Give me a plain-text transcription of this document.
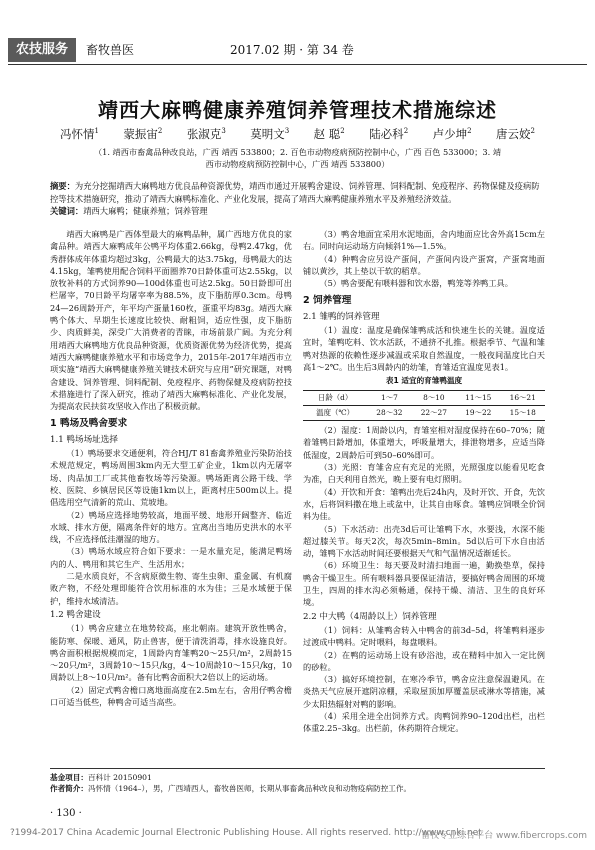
农技服务	畜牧兽医	2017.02 期 · 第 34 卷
靖西大麻鸭健康养殖饲养管理技术措施综述
冯怀情$^1$ 蒙振宙$^2$ 张淑克$^3$ 莫明文$^3$ 赵 聪$^2$ 陆必科$^2$ 卢少坤$^2$ 唐云姣$^2$
（1. 靖西市畜禽品种改良站，广西 靖西 533800；2. 百色市动物疫病预防控制中心，广西 百色 533000；3. 靖西市动物疫病预防控制中心，广西 靖西 533800）
摘要：为充分挖掘靖西大麻鸭地方优良品种资源优势，靖西市通过开展鸭舍建设、饲养管理、饲料配制、免疫程序、药物保健及疫病防控等技术措施研究，推动了靖西大麻鸭标准化、产业化发展，提高了靖西大麻鸭健康养殖水平及养殖经济效益。
关键词：靖西大麻鸭；健康养殖；饲养管理

靖西大麻鸭是广西体型最大的麻鸭品种，属广西地方优良的家禽品种。靖西大麻鸭成年公鸭平均体重2.66kg，母鸭2.47kg，优秀群体成年体重均超过3kg，公鸭最大的达3.75kg，母鸭最大的达4.15kg，雏鸭使用配合饲料平面圈养70日龄体重可达2.55kg，以放牧补料的方式饲养90—100d体重也可达2.5kg。50日龄即可出栏屠宰，70日龄平均屠宰率为88.5%，皮下脂肪厚0.3cm。母鸭24—26周龄开产，年平均产蛋量160枚，蛋重平均83g。靖西大麻鸭个体大、早期生长速度比较快、耐粗饲，适应性强，皮下脂肪少、肉质鲜美，深受广大消费者的青睐，市场前景广阔。为充分利用靖西大麻鸭地方优良品种资源，优质资源优势为经济优势，提高靖西大麻鸭健康养殖水平和市场竞争力，2015年-2017年靖西市立项实施“靖西大麻鸭健康养殖关键技术研究与应用”研究课题，对鸭舍建设、饲养管理、饲料配制、免疫程序、药物保健及疫病防控技术措施进行了深入研究，推动了靖西大麻鸭标准化、产业化发展，为提高农民扶贫攻坚收入作出了积极贡献。

1 鸭场及鸭舍要求
1.1 鸭场场址选择

（1）鸭场要求交通便利，符合HJ/T 81畜禽养殖业污染防治技术规范规定，鸭场周围3km内无大型工矿企业，1km以内无屠宰场、肉品加工厂或其他畜牧场等污染源。鸭场距离公路干线、学校、医院、乡镇居民区等设施1km以上，距离村庄500m以上。提倡选用空气清新的荒山、荒坡地。

（2）鸭场应选择地势较高，地面平缓、地形开阔整齐、临近水域、排水方便，隔离条件好的地方。宜离出当地历史洪水的水平线，不应选择低洼潮湿的地方。

（3）鸭场水域应符合如下要求：一是水量充足，能满足鸭场内的人、鸭用和其它生产、生活用水；

二是水质良好，不含病原微生物、寄生虫卵、重金属、有机腐败产物，不经处理即能符合饮用标准的水为佳；三是水域便于保护，维持水域清洁。

1.2 鸭舍建设

（1）鸭舍应建立在地势较高，座北朝南。建筑开放性鸭舍，能防寒、保暖、通风，防止兽害，便于清洗消毒，排水设施良好。鸭舍面积根据规模而定，1周龄内育雏鸭20～25只/m²，2周龄15～20只/m²，3周龄10～15只/kg，4～10周龄10～15只/kg，10周龄以上8～10只/m²。备有比鸭舍面积大2倍以上的运动场。

（2）固定式鸭舍檐口离地面高度在2.5m左右，舍用仔鸭舍檐口可适当低些，种鸭舍可适当高些。

（3）鸭舍地面宜采用水泥地面，舍内地面应比舍外高15cm左右。同时向运动场方向倾斜1%—1.5%。

（4）种鸭舍应另设产蛋间，产蛋间内设产蛋窝，产蛋窝地面铺以黄沙，其上垫以干软的稻草。

（5）鸭舍要配有喂料器和饮水器，鸭笼等养鸭工具。

2 饲养管理
2.1 雏鸭的饲养管理

（1）温度：温度是确保雏鸭成活和快速生长的关键。温度适宜时，雏鸭吃料、饮水活跃，不通挤不扎推。根据季节、气温和雏鸭对热源的依赖性逐步减温或采取自然温度，一般夜间温度比白天高1～2℃。出生后3周龄内的幼雏，育雏适宜温度见表1。

表1 适宜的育雏鸭温度
日龄（d）	1～7	8～10	11～15	16～21
温度（℃）	28～32	22～27	19～22	15～18

（2）湿度：1周龄以内，育雏室相对湿度保持在60–70%；随着雏鸭日龄增加，体重增大，呼吸量增大，排泄物增多，应适当降低湿度，2周龄后可到50–60%即可。

（3）光照：育雏舍应有充足的光照，光照强度以能看见吃食为准，白天利用自然光，晚上要有电灯照明。

（4）开饮和开食：雏鸭出壳后24h内，及时开饮、开食，先饮水，后将饲料撒在地上或盆中，让其自由啄食。雏鸭应饲喂全价饲料为佳。

（5）下水活动：出壳3d后可让雏鸭下水，水要浅，水深不能超过膝关节。每天2次，每次5min–8min。5d以后可下水自由活动，雏鸭下水活动时间还要根据天气和气温情况适渐延长。

（6）环境卫生：每天要及时清扫地面一遍，勤换垫草，保持鸭舍干燥卫生。所有喂料器具要保证清洁，要搞好鸭舍周围的环境卫生，四周的排水沟必须畅通，保持干燥、清洁、卫生的良好环境。

2.2 中大鸭（4周龄以上）饲养管理

（1）饲料：从雏鸭舍转入中鸭舍的前3d–5d，将雏鸭料逐步过渡成中鸭料。定时喂料，每盘喂料。

（2）在鸭的运动场上设有砂浴池，或在精料中加入一定比例的砂粒。

（3）搞好环境控制，在寒冷季节，鸭舍应注意保温避风。在炎热天气应展开遮阴凉棚，采取屋顶加厚覆盖层或淋水等措施，减少太阳热辐射对鸭的影响。

（4）采用全进全出饲养方式。肉鸭饲养90–120d出栏，出栏体重2.25–3kg。出栏前，休药期符合规定。

基金项目：百科计 20150901
作者简介：冯怀情（1964–），男，广西靖西人，畜牧兽医师，长期从事畜禽品种改良和动物疫病防控工作。
· 130 ·
?1994-2017 China Academic Journal Electronic Publishing House. All rights reserved. http://www.cnki.net
畜牧专业综合平台 www.fibercrops.com
